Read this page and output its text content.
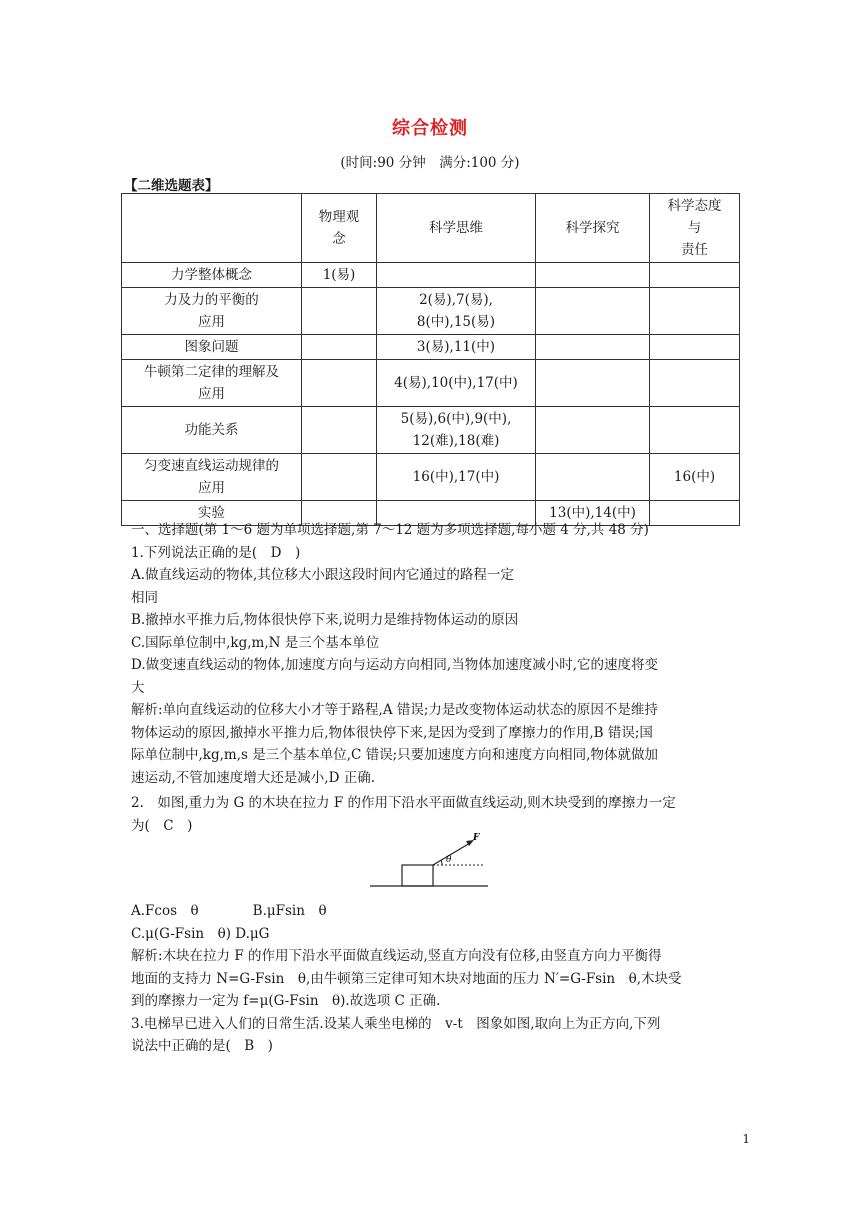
综合检测
(时间:90 分钟　满分:100 分)
【二维选题表】
	物理观
念	科学思维	科学探究	科学态度
与
责任
力学整体概念	1(易)			
力及力的平衡的
应用		2(易),7(易),
8(中),15(易)		
图象问题		3(易),11(中)		
牛顿第二定律的理解及
应用		4(易),10(中),17(中)		
功能关系		5(易),6(中),9(中),
12(难),18(难)		
匀变速直线运动规律的
应用		16(中),17(中)		16(中)
实验			13(中),14(中)	

一、选择题(第 1～6 题为单项选择题,第 7～12 题为多项选择题,每小题 4 分,共 48 分)

1.下列说法正确的是(　D　)

A.做直线运动的物体,其位移大小跟这段时间内它通过的路程一定

相同

B.撤掉水平推力后,物体很快停下来,说明力是维持物体运动的原因

C.国际单位制中,kg,m,N 是三个基本单位

D.做变速直线运动的物体,加速度方向与运动方向相同,当物体加速度减小时,它的速度将变

大

解析:单向直线运动的位移大小才等于路程,A 错误;力是改变物体运动状态的原因不是维持

物体运动的原因,撤掉水平推力后,物体很快停下来,是因为受到了摩擦力的作用,B 错误;国

际单位制中,kg,m,s 是三个基本单位,C 错误;只要加速度方向和速度方向相同,物体就做加

速运动,不管加速度增大还是减小,D 正确.

2.　如图,重力为 G 的木块在拉力 F 的作用下沿水平面做直线运动,则木块受到的摩擦力一定

为(　C　)

F
θ

A.Fcos　θ　　　　B.μFsin　θ

C.μ(G-Fsin　θ) D.μG

解析:木块在拉力 F 的作用下沿水平面做直线运动,竖直方向没有位移,由竖直方向力平衡得

地面的支持力 N=G-Fsin　θ,由牛顿第三定律可知木块对地面的压力 N′=G-Fsin　θ,木块受

到的摩擦力一定为 f=μ(G-Fsin　θ).故选项 C 正确.

3.电梯早已进入人们的日常生活.设某人乘坐电梯的　v-t　图象如图,取向上为正方向,下列

说法中正确的是(　B　)

1
